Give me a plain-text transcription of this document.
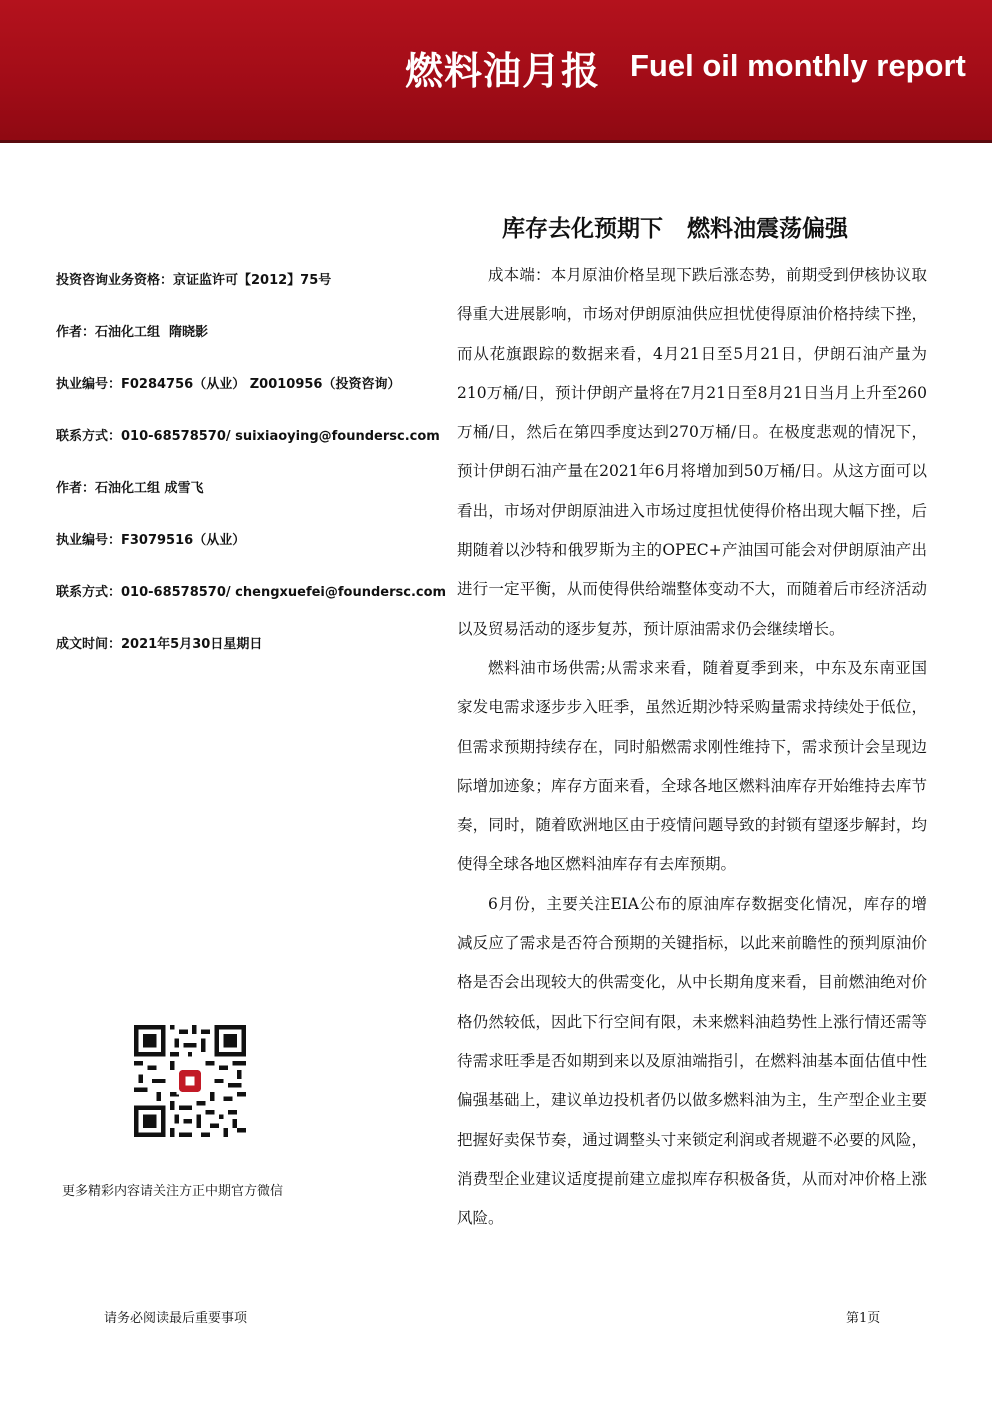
燃料油月报 Fuel oil monthly report
库存去化预期下   燃料油震荡偏强
投资咨询业务资格：京证监许可【2012】75号
作者：石油化工组  隋晓影
执业编号：F0284756（从业） Z0010956（投资咨询）
联系方式：010-68578570/ suixiaoying@foundersc.com
作者：石油化工组 成雪飞
执业编号：F3079516（从业）
联系方式：010-68578570/ chengxuefei@foundersc.com
成文时间：2021年5月30日星期日

成本端：本月原油价格呈现下跌后涨态势，前期受到伊核协议取得重大进展影响，市场对伊朗原油供应担忧使得原油价格持续下挫，而从花旗跟踪的数据来看，4月21日至5月21日，伊朗石油产量为210万桶/日，预计伊朗产量将在7月21日至8月21日当月上升至260万桶/日，然后在第四季度达到270万桶/日。在极度悲观的情况下，预计伊朗石油产量在2021年6月将增加到50万桶/日。从这方面可以看出，市场对伊朗原油进入市场过度担忧使得价格出现大幅下挫，后期随着以沙特和俄罗斯为主的OPEC+产油国可能会对伊朗原油产出进行一定平衡，从而使得供给端整体变动不大，而随着后市经济活动以及贸易活动的逐步复苏，预计原油需求仍会继续增长。

燃料油市场供需;从需求来看，随着夏季到来，中东及东南亚国家发电需求逐步步入旺季，虽然近期沙特采购量需求持续处于低位，但需求预期持续存在，同时船燃需求刚性维持下，需求预计会呈现边际增加迹象；库存方面来看，全球各地区燃料油库存开始维持去库节奏，同时，随着欧洲地区由于疫情问题导致的封锁有望逐步解封，均使得全球各地区燃料油库存有去库预期。

6月份，主要关注EIA公布的原油库存数据变化情况，库存的增减反应了需求是否符合预期的关键指标，以此来前瞻性的预判原油价格是否会出现较大的供需变化，从中长期角度来看，目前燃油绝对价格仍然较低，因此下行空间有限，未来燃料油趋势性上涨行情还需等待需求旺季是否如期到来以及原油端指引，在燃料油基本面估值中性偏强基础上，建议单边投机者仍以做多燃料油为主，生产型企业主要把握好卖保节奏，通过调整头寸来锁定利润或者规避不必要的风险，消费型企业建议适度提前建立虚拟库存积极备货，从而对冲价格上涨风险。

更多精彩内容请关注方正中期官方微信
请务必阅读最后重要事项	第1页
